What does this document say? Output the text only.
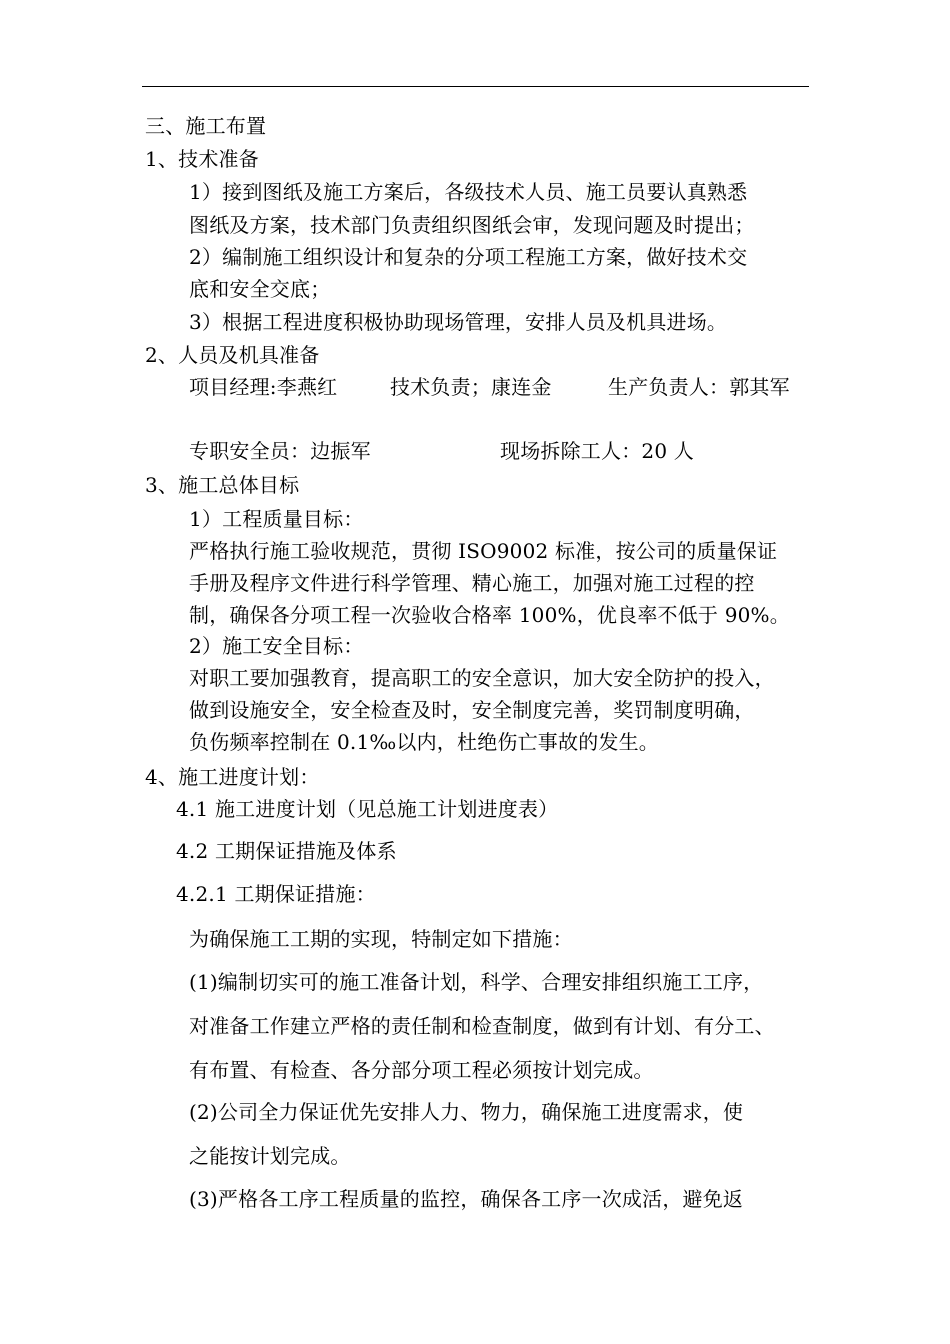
三、施工布置
1、技术准备
1）接到图纸及施工方案后，各级技术人员、施工员要认真熟悉
图纸及方案，技术部门负责组织图纸会审，发现问题及时提出；
2）编制施工组织设计和复杂的分项工程施工方案，做好技术交
底和安全交底；
3）根据工程进度积极协助现场管理，安排人员及机具进场。
2、人员及机具准备
项目经理:李燕红	技术负责；康连金	生产负责人：郭其军
专职安全员：边振军	现场拆除工人：20 人
3、施工总体目标
1）工程质量目标：
严格执行施工验收规范，贯彻 ISO9002 标准，按公司的质量保证
手册及程序文件进行科学管理、精心施工，加强对施工过程的控
制，确保各分项工程一次验收合格率 100%，优良率不低于 90%。
2）施工安全目标：
对职工要加强教育，提高职工的安全意识，加大安全防护的投入，
做到设施安全，安全检查及时，安全制度完善，奖罚制度明确，
负伤频率控制在 0.1‰以内，杜绝伤亡事故的发生。
4、施工进度计划：
4.1 施工进度计划（见总施工计划进度表）
4.2 工期保证措施及体系
4.2.1 工期保证措施：
为确保施工工期的实现，特制定如下措施：
(1)编制切实可的施工准备计划，科学、合理安排组织施工工序，
对准备工作建立严格的责任制和检查制度，做到有计划、有分工、
有布置、有检查、各分部分项工程必须按计划完成。
(2)公司全力保证优先安排人力、物力，确保施工进度需求，使
之能按计划完成。
(3)严格各工序工程质量的监控，确保各工序一次成活，避免返
